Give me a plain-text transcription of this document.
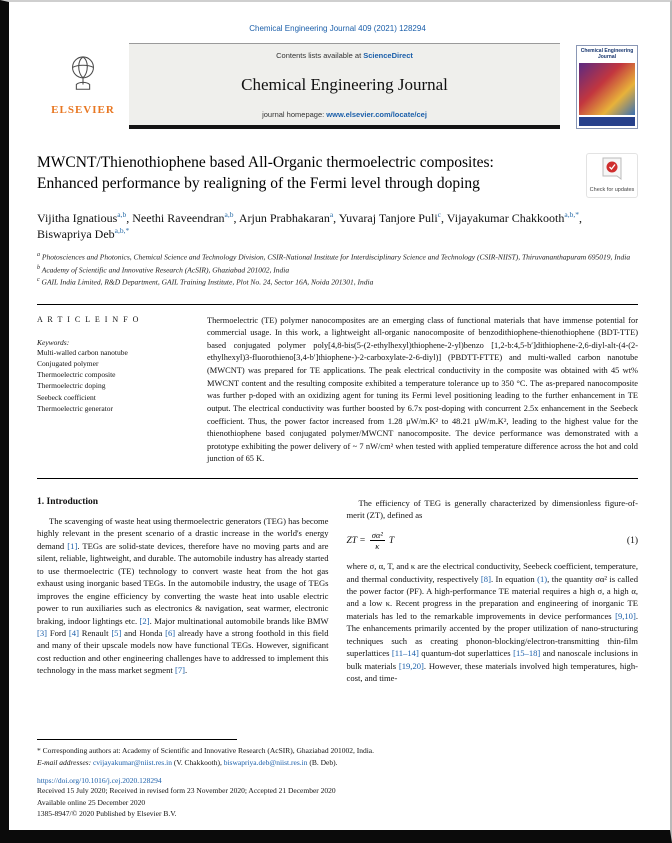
Chemical Engineering Journal 409 (2021) 128294
ELSEVIER
Contents lists available at ScienceDirect
Chemical Engineering Journal
journal homepage: www.elsevier.com/locate/cej
Chemical Engineering Journal
MWCNT/Thienothiophene based All-Organic thermoelectric composites:
Enhanced performance by realigning of the Fermi level through doping	Check for updates
Vijitha Ignatious$^{a,b}$, Neethi Raveendran$^{a,b}$, Arjun Prabhakaran$^a$, Yuvaraj Tanjore Puli$^c$, Vijayakumar Chakkooth$^{a,b,*}$, Biswapriya Deb$^{a,b,*}$
$^a$ Photosciences and Photonics, Chemical Science and Technology Division, CSIR-National Institute for Interdisciplinary Science and Technology (CSIR-NIIST), Thiruvananthapuram 695019, India
$^b$ Academy of Scientific and Innovative Research (AcSIR), Ghaziabad 201002, India
$^c$ GAIL India Limited, R&D Department, GAIL Training Institute, Plot No. 24, Sector 16A, Noida 201301, India
A R T I C L E I N F O
Keywords:
Multi-walled carbon nanotube
Conjugated polymer
Thermoelectric composite
Thermoelectric doping
Seebeck coefficient
Thermoelectric generator
Thermoelectric (TE) polymer nanocomposites are an emerging class of functional materials that have immense potential for commercial usage. In this work, a lightweight all-organic nanocomposite of benzodithiophene-thienothiophene (BDT-TTE) based conjugated polymer poly[4,8-bis(5-(2-ethylhexyl)thiophene-2-yl)benzo [1,2-b:4,5-b′]dithiophene-2,6-diyl-alt-(4-(2-ethylhexyl)3-fluorothieno[3,4-b′]thiophene-)-2-carboxylate-2-6-diyl)] (PBDTT-FTTE) and multi-walled carbon nanotube (MWCNT) was prepared for TE applications. The peak electrical conductivity in the composite was obtained with 45 wt% MWCNT content and the resulting composite exhibited a temperature tolerance up to 350 °C. The as-prepared nanocomposite was further p-doped with an oxidizing agent for tuning its Fermi level positioning leading to the further enhancement in TE output. The electrical conductivity was further boosted by 6.7x post-doping with concurrent 2.5x enhancement in the Seebeck coefficient. Thus, the power factor increased from 1.28 μW/m.K² to 48.21 μW/m.K², leading to the highest value for the thienothiophene based conjugated polymer/MWCNT nanocomposite. The device performance was demonstrated with a prototype exhibiting the power delivery of ~ 7 nW/cm² when tested with applied temperature difference across the hot and cold junction of 65 K.
1. Introduction
The scavenging of waste heat using thermoelectric generators (TEG) has become highly relevant in the present scenario of a drastic increase in the world's energy demand [1]. TEGs are solid-state devices, therefore have no moving parts and are silent, reliable, lightweight, and durable. The automobile industry has already started to use thermoelectric (TE) technology to convert waste heat from the hot gas exhaust using inorganic based TEGs. In the automobile industry, the usage of TEGs improves the engine efficiency by converting the waste heat into usable electric power to run auxiliaries such as electronics & navigation, seat warmer, electronic braking, indoor lightings etc. [2]. Major multinational automobile brands like BMW [3] Ford [4] Renault [5] and Honda [6] already have a strong foothold in this field and many of their upscale models now have functional TEGs. However, significant cost reduction and other engineering challenges have to addressed to implement this technology in the mass market segment [7].
The efficiency of TEG is generally characterized by dimensionless figure-of-merit (ZT), defined as
ZT = $\frac{\text{σα²}}{\kappa}$ T	(1)
where σ, α, T, and κ are the electrical conductivity, Seebeck coefficient, temperature, and thermal conductivity, respectively [8]. In equation (1), the quantity σα² is called the power factor (PF). A high-performance TE material requires a high σ, a high α, and a low κ. Recent progress in the preparation and engineering of inorganic TE materials has led to the remarkable improvements in device performances [9,10]. The enhancements primarily accented by the proper utilization of nano-structuring techniques such as creating phonon-blocking/electron-transmitting thin-film superlattices [11–14] quantum-dot superlattices [15–18] and nanoscale inclusions in bulk materials [19,20]. However, these materials involved high temperatures, high-cost, and time-
* Corresponding authors at: Academy of Scientific and Innovative Research (AcSIR), Ghaziabad 201002, India.
E-mail addresses: cvijayakumar@niist.res.in (V. Chakkooth), biswapriya.deb@niist.res.in (B. Deb).
https://doi.org/10.1016/j.cej.2020.128294
Received 15 July 2020; Received in revised form 23 November 2020; Accepted 21 December 2020
Available online 25 December 2020
1385-8947/© 2020 Published by Elsevier B.V.
